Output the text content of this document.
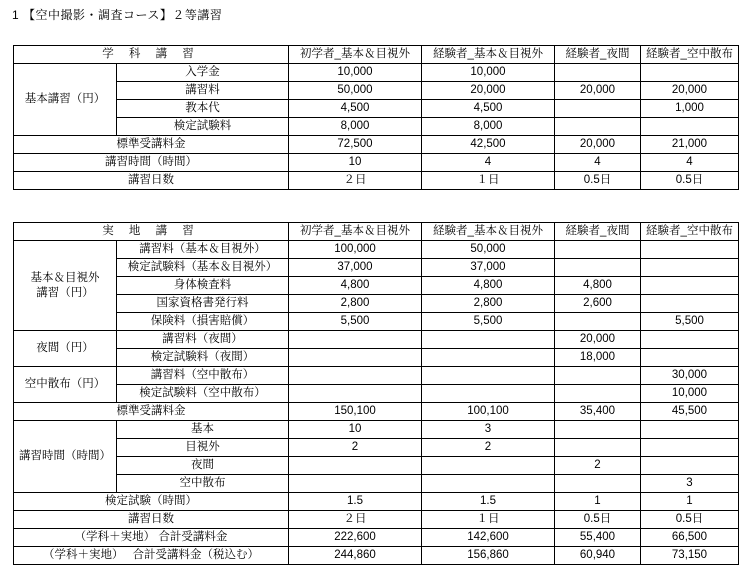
1 【空中撮影・調査コース】２等講習
学 科 講 習		初学者_基本＆目視外	経験者_基本＆目視外	経験者_夜間	経験者_空中散布
基本講習（円）	入学金	10,000	10,000		
	講習料	50,000	20,000	20,000	20,000
	教本代	4,500	4,500		1,000
	検定試験料	8,000	8,000		
標準受講料金		72,500	42,500	20,000	21,000
講習時間（時間）		10	4	4	4
講習日数		２日	１日	0.5日	0.5日
実 地 講 習		初学者_基本＆目視外	経験者_基本＆目視外	経験者_夜間	経験者_空中散布
基本＆目視外
講習（円）	講習料（基本＆目視外）	100,000	50,000		
	検定試験料（基本＆目視外）	37,000	37,000		
	身体検査料	4,800	4,800	4,800	
	国家資格書発行料	2,800	2,800	2,600	
	保険料（損害賠償）	5,500	5,500		5,500
夜間（円）	講習料（夜間）			20,000	
	検定試験料（夜間）			18,000	
空中散布（円）	講習料（空中散布）				30,000
	検定試験料（空中散布）				10,000
標準受講料金		150,100	100,100	35,400	45,500
講習時間（時間）	基本	10	3		
	目視外	2	2		
	夜間			2	
	空中散布				3
検定試験（時間）		1.5	1.5	1	1
講習日数		２日	１日	0.5日	0.5日
（学科＋実地） 合計受講料金		222,600	142,600	55,400	66,500
（学科＋実地）　 合計受講料金（税込む）		244,860	156,860	60,940	73,150
